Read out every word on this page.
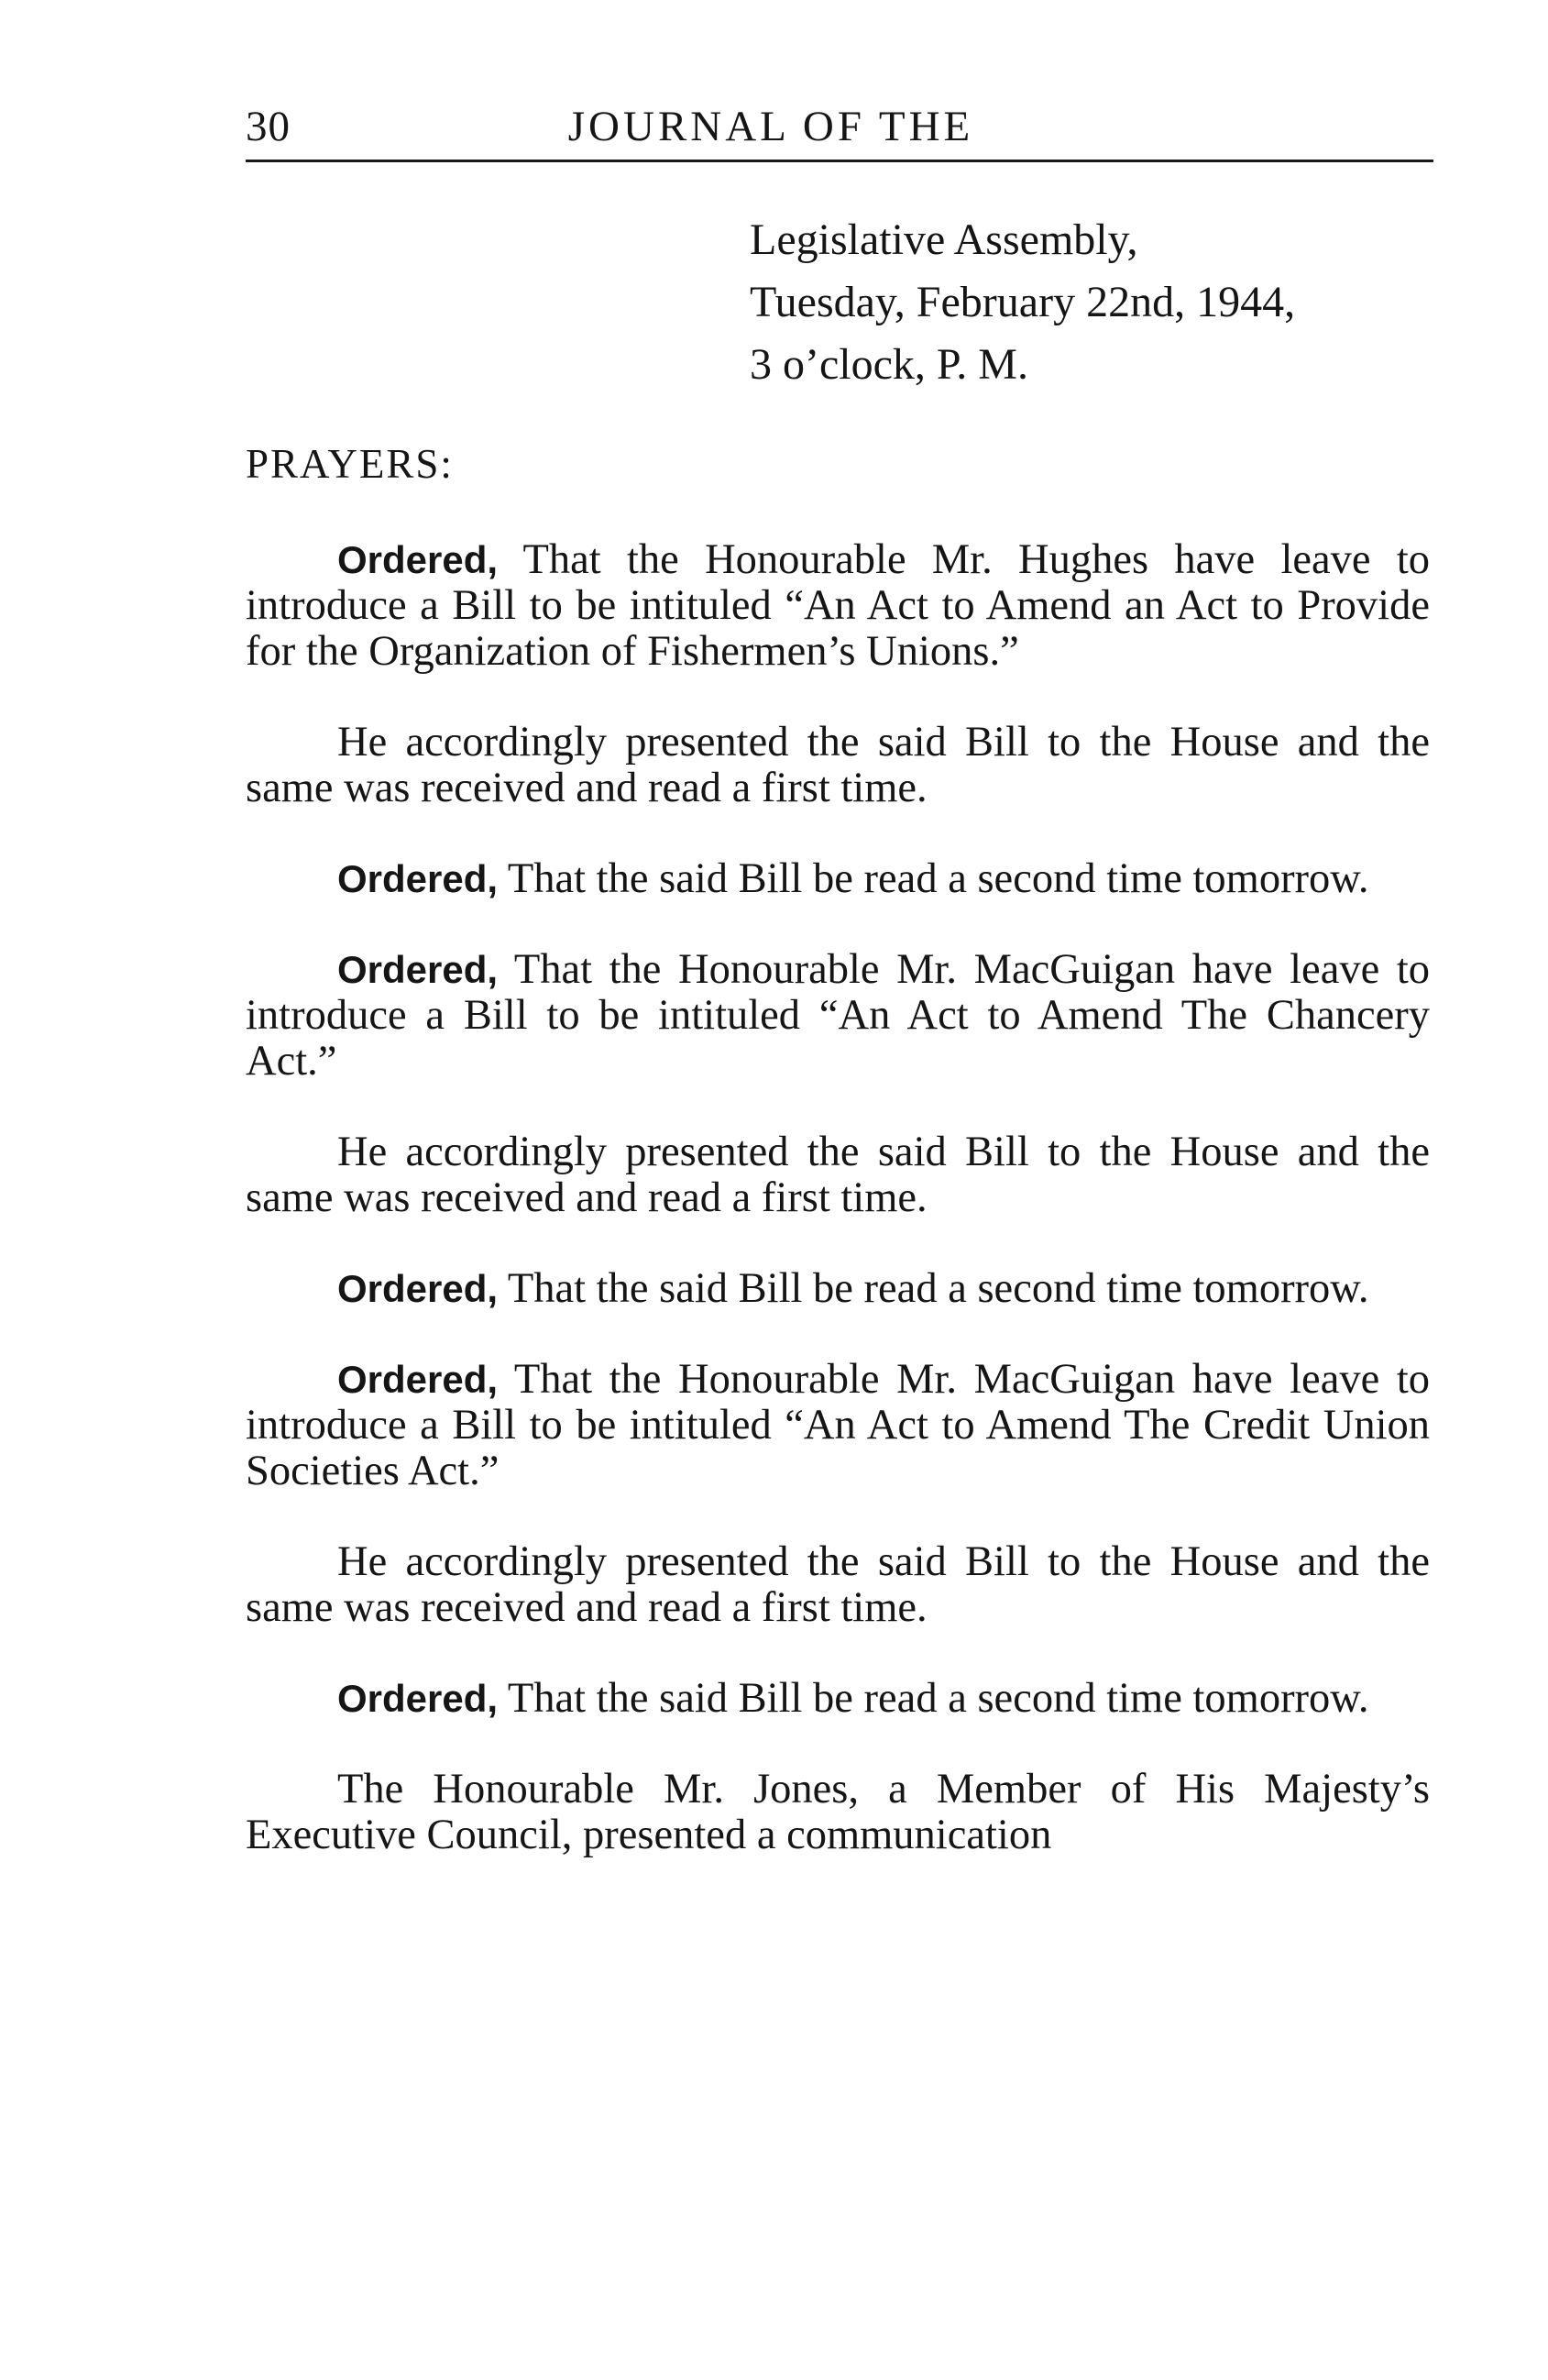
30	JOURNAL OF THE
Legislative Assembly,
Tuesday, February 22nd, 1944,
3 o’clock, P. M.
PRAYERS:

Ordered, That the Honourable Mr. Hughes have leave to introduce a Bill to be intituled “An Act to Amend an Act to Provide for the Organization of Fishermen’s Unions.”

He accordingly presented the said Bill to the House and the same was received and read a first time.

Ordered, That the said Bill be read a second time tomorrow.

Ordered, That the Honourable Mr. MacGuigan have leave to introduce a Bill to be intituled “An Act to Amend The Chancery Act.”

He accordingly presented the said Bill to the House and the same was received and read a first time.

Ordered, That the said Bill be read a second time tomorrow.

Ordered, That the Honourable Mr. MacGuigan have leave to introduce a Bill to be intituled “An Act to Amend The Credit Union Societies Act.”

He accordingly presented the said Bill to the House and the same was received and read a first time.

Ordered, That the said Bill be read a second time tomorrow.

The Honourable Mr. Jones, a Member of His Majesty’s Executive Council, presented a communication
